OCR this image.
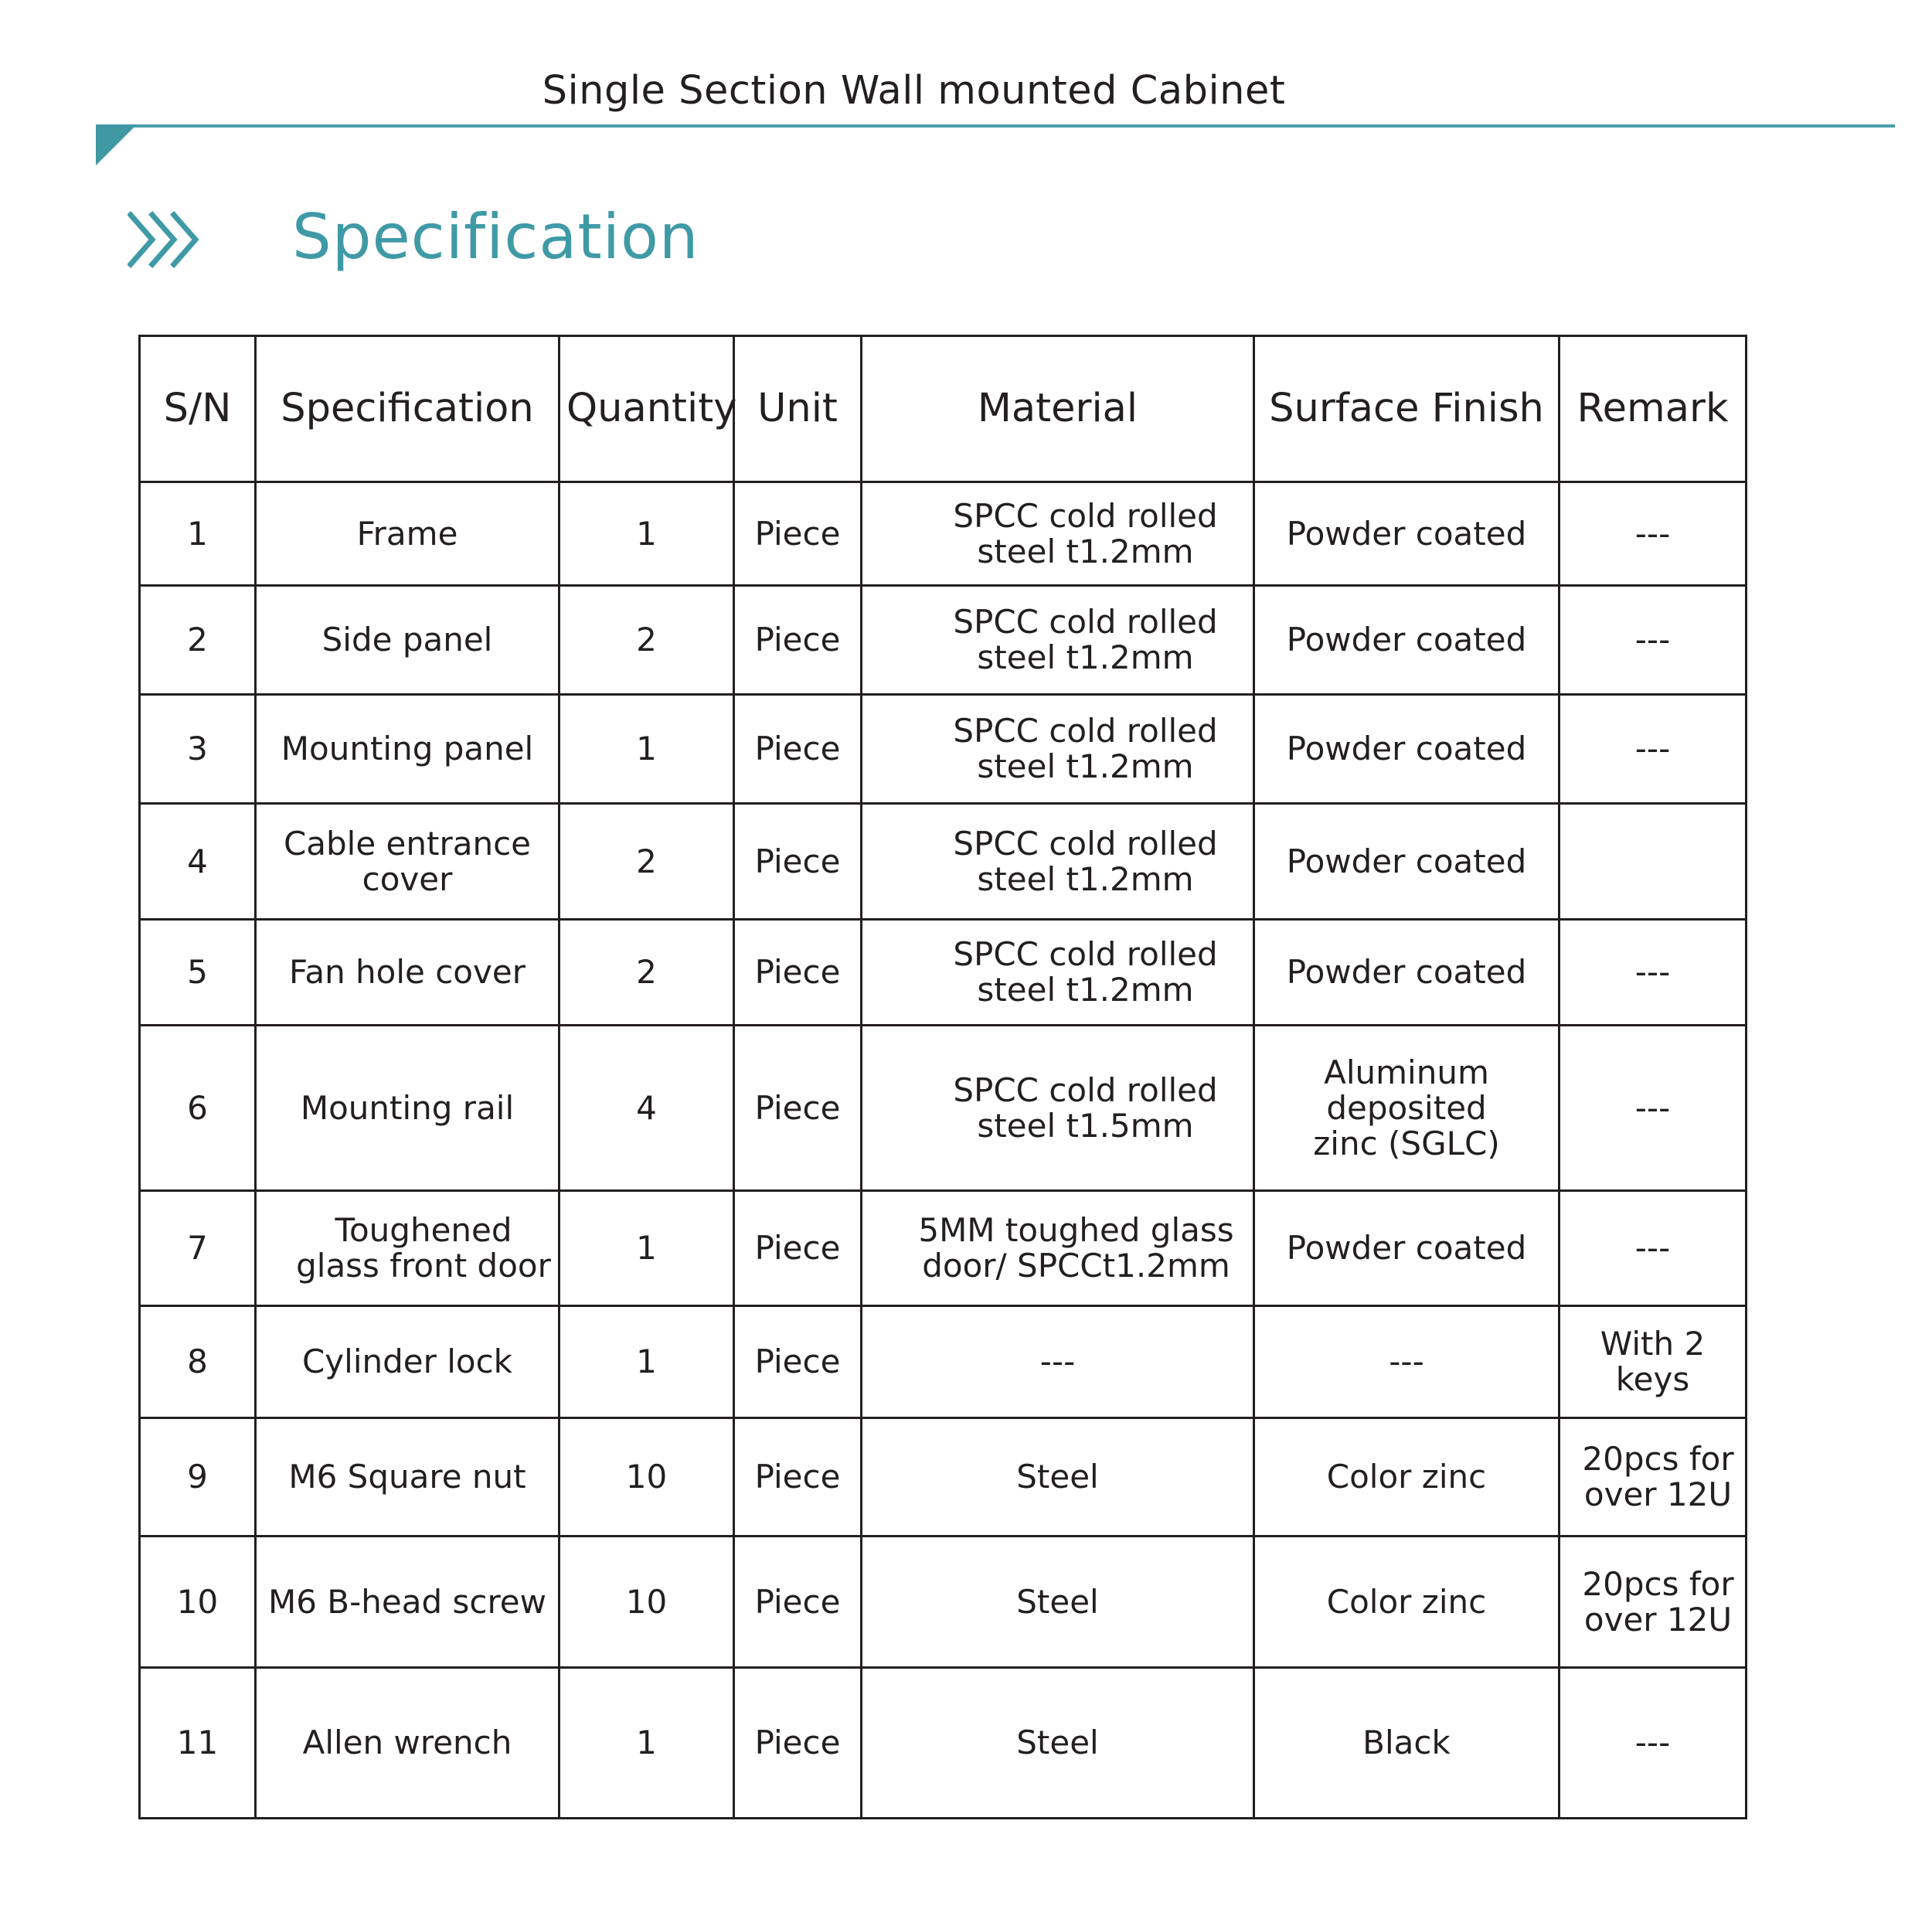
Single Section Wall mounted Cabinet
Specification
S/N	Specification	Quantity	Unit	Material	Surface Finish	Remark
1	Frame	1	Piece	SPCC cold rolled
steel t1.2mm	Powder coated	---
2	Side panel	2	Piece	SPCC cold rolled
steel t1.2mm	Powder coated	---
3	Mounting panel	1	Piece	SPCC cold rolled
steel t1.2mm	Powder coated	---
4	Cable entrance
cover	2	Piece	SPCC cold rolled
steel t1.2mm	Powder coated	
5	Fan hole cover	2	Piece	SPCC cold rolled
steel t1.2mm	Powder coated	---
6	Mounting rail	4	Piece	SPCC cold rolled
steel t1.5mm	Aluminum
deposited
zinc (SGLC)	---
7	Toughened
glass front door	1	Piece	5MM toughed glass
door/ SPCCt1.2mm	Powder coated	---
8	Cylinder lock	1	Piece	---	---	With 2 keys
9	M6 Square nut	10	Piece	Steel	Color zinc	20pcs for
over 12U
10	M6 B-head screw	10	Piece	Steel	Color zinc	20pcs for
over 12U
11	Allen wrench	1	Piece	Steel	Black	---
